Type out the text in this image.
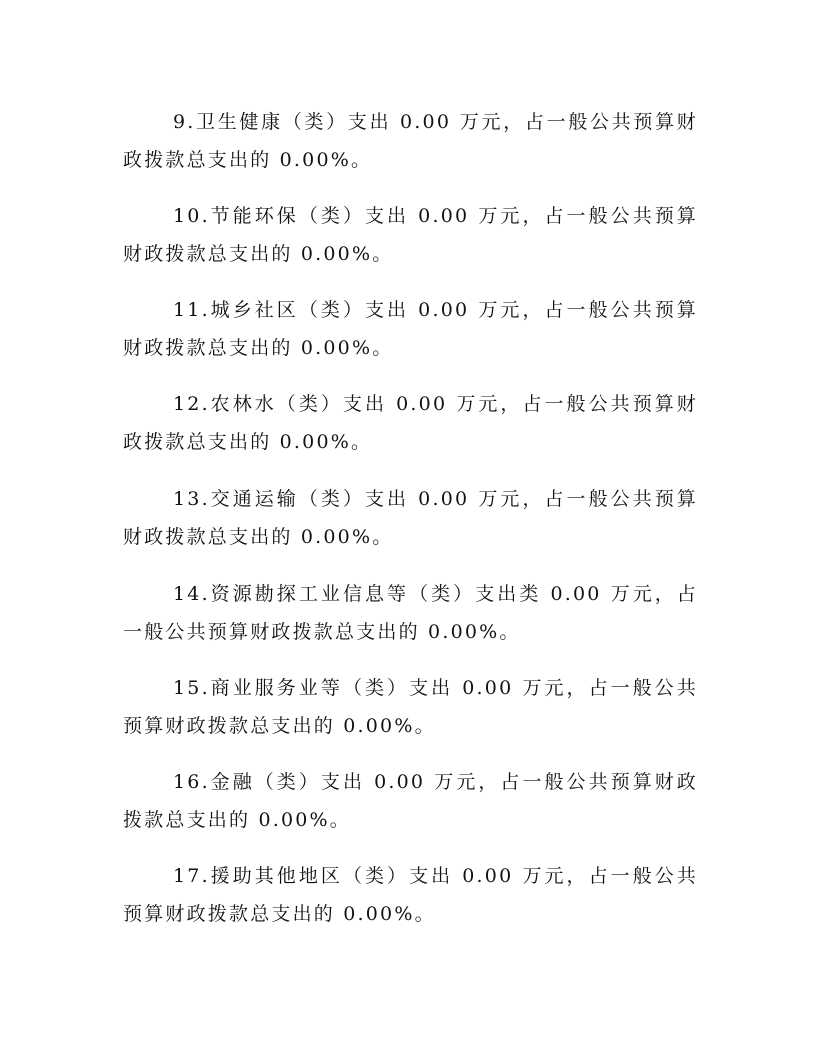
9.卫生健康（类）支出 0.00 万元，占一般公共预算财政拨款总支出的 0.00%。

10.节能环保（类）支出 0.00 万元，占一般公共预算财政拨款总支出的 0.00%。

11.城乡社区（类）支出 0.00 万元，占一般公共预算财政拨款总支出的 0.00%。

12.农林水（类）支出 0.00 万元，占一般公共预算财政拨款总支出的 0.00%。

13.交通运输（类）支出 0.00 万元，占一般公共预算财政拨款总支出的 0.00%。

14.资源勘探工业信息等（类）支出类 0.00 万元，占一般公共预算财政拨款总支出的 0.00%。

15.商业服务业等（类）支出 0.00 万元，占一般公共预算财政拨款总支出的 0.00%。

16.金融（类）支出 0.00 万元，占一般公共预算财政拨款总支出的 0.00%。

17.援助其他地区（类）支出 0.00 万元，占一般公共预算财政拨款总支出的 0.00%。
